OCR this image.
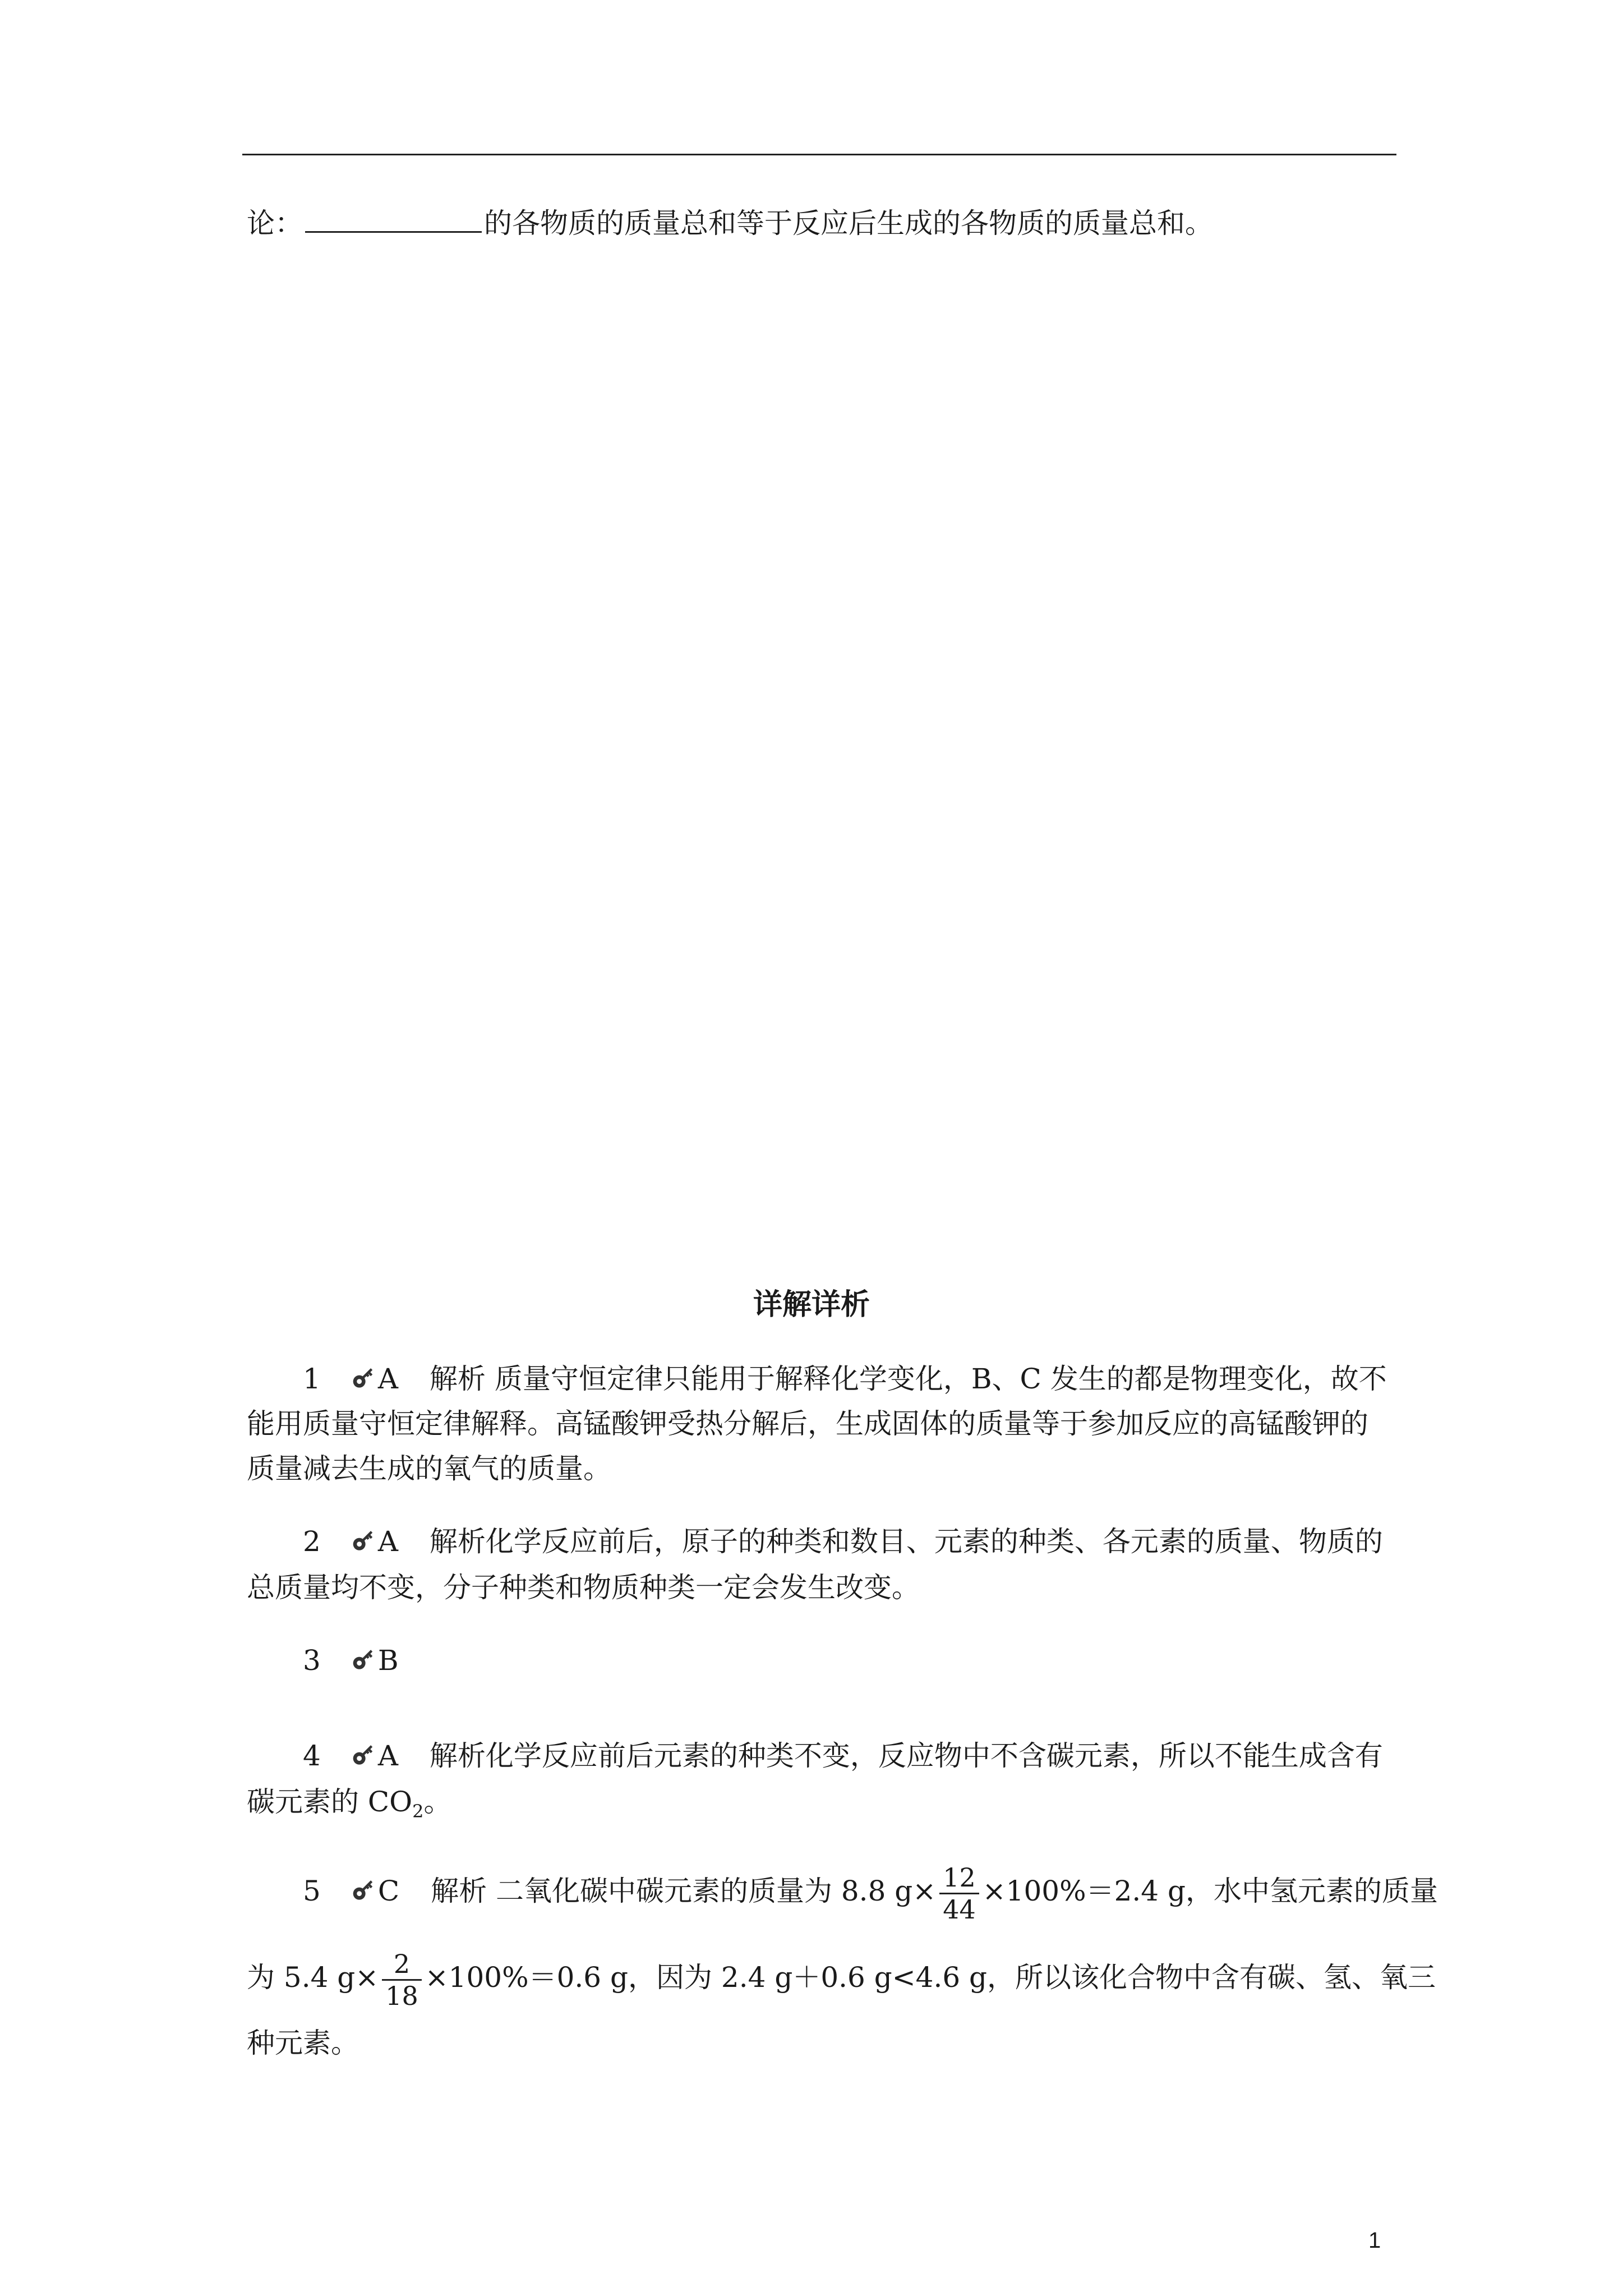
论：	的各物质的质量总和等于反应后生成的各物质的质量总和。
详解详析
1 A 解析 质量守恒定律只能用于解释化学变化，B、C 发生的都是物理变化，故不
能用质量守恒定律解释。高锰酸钾受热分解后，生成固体的质量等于参加反应的高锰酸钾的
质量减去生成的氧气的质量。
2 A 解析化学反应前后，原子的种类和数目、元素的种类、各元素的质量、物质的
总质量均不变，分子种类和物质种类一定会发生改变。
3 B
4 A 解析化学反应前后元素的种类不变，反应物中不含碳元素，所以不能生成含有
碳元素的 $CO_2$。
5 C 解析 二氧化碳中碳元素的质量为 8.8 $g\times \frac{12}{44} \times 100\%=2.4$ g，水中氢元素的质量
为 5.4 $g\times \frac{2}{18} \times 100\%=0.6$ g，因为 2.4 g＋0.6 g<4.6 g，所以该化合物中含有碳、氢、氧三
种元素。
1
